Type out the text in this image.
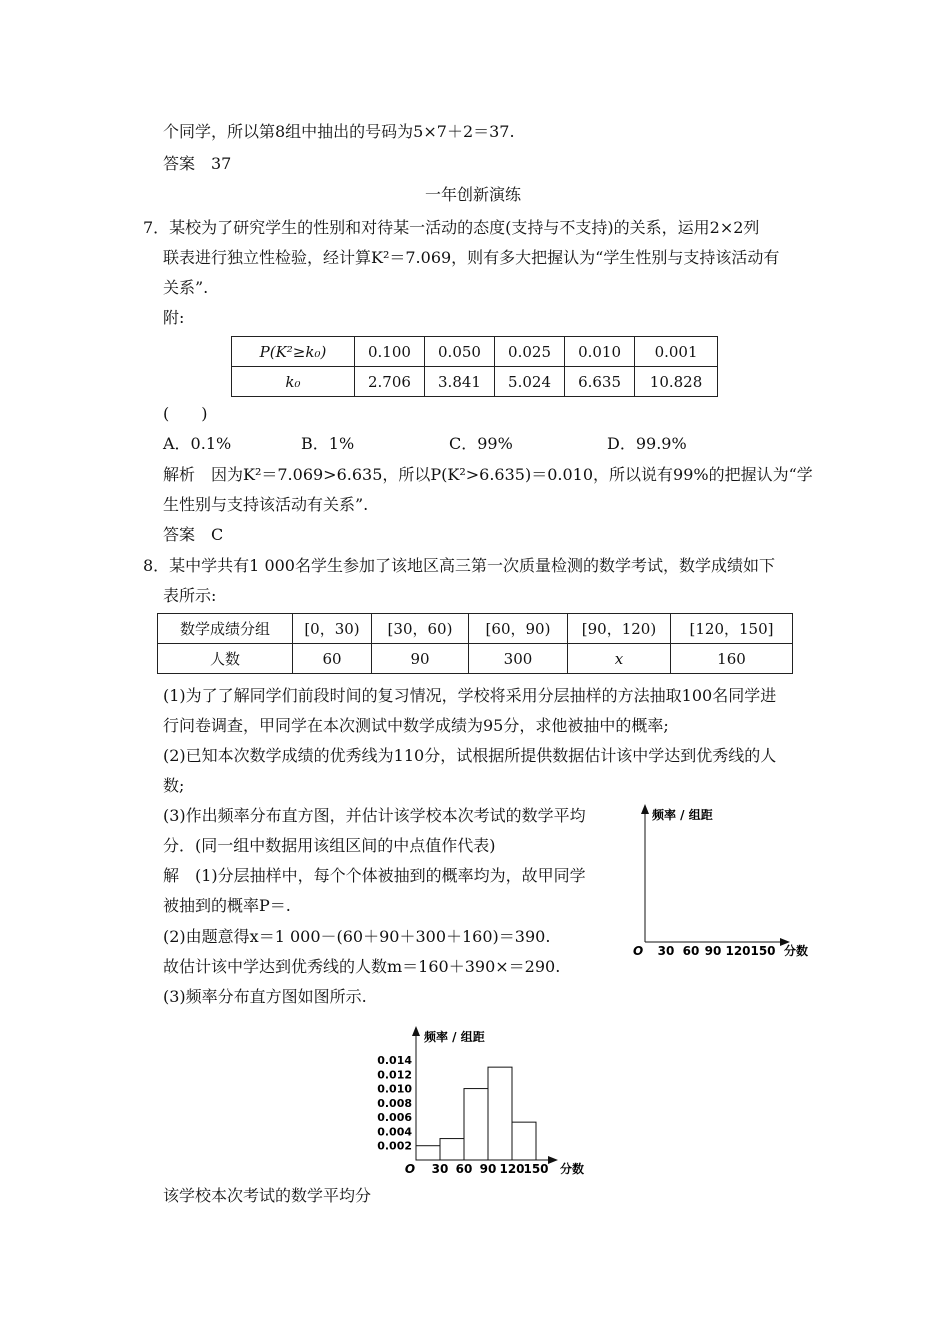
个同学，所以第8组中抽出的号码为5×7＋2＝37.
答案　37
一年创新演练
7．某校为了研究学生的性别和对待某一活动的态度(支持与不支持)的关系，运用2×2列
联表进行独立性检验，经计算K²＝7.069，则有多大把握认为“学生性别与支持该活动有
关系”.
附:
P(K²≥k₀)	0.100	0.050	0.025	0.010	0.001
k₀	2.706	3.841	5.024	6.635	10.828
(　　)
A．0.1%	B．1%	C．99%	D．99.9%
解析　因为K²＝7.069>6.635，所以P(K²>6.635)＝0.010，所以说有99%的把握认为“学
生性别与支持该活动有关系”.
答案　C
8．某中学共有1 000名学生参加了该地区高三第一次质量检测的数学考试，数学成绩如下
表所示:
数学成绩分组	[0，30)	[30，60)	[60，90)	[90，120)	[120，150]
人数	60	90	300	x	160
(1)为了了解同学们前段时间的复习情况，学校将采用分层抽样的方法抽取100名同学进
行问卷调查，甲同学在本次测试中数学成绩为95分，求他被抽中的概率;
(2)已知本次数学成绩的优秀线为110分，试根据所提供数据估计该中学达到优秀线的人
数;
(3)作出频率分布直方图，并估计该学校本次考试的数学平均
分．(同一组中数据用该组区间的中点值作代表)
解　(1)分层抽样中，每个个体被抽到的概率均为，故甲同学
被抽到的概率P＝.
(2)由题意得x＝1 000－(60＋90＋300＋160)＝390.
故估计该中学达到优秀线的人数m＝160＋390×＝290.
(3)频率分布直方图如图所示.
该学校本次考试的数学平均分
频率 / 组距
O 30 60 90 120 150 分数
频率 / 组距
O	分数
0.002
0.004
0.006
0.008
0.010
0.012
0.014
30 60 90 120
150
